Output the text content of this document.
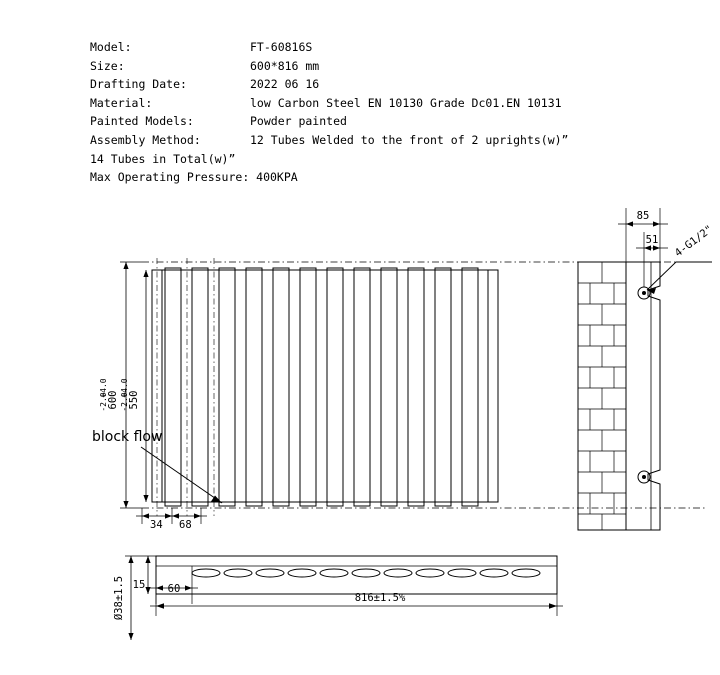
Model:	FT-60816S
Size:	600*816 mm
Drafting Date:	2022 06 16
Material:	low Carbon Steel EN 10130 Grade Dc01.EN 10131
Painted Models:	Powder painted
Assembly Method:	12 Tubes Welded to the front of 2 uprights(w)”
14 Tubes in Total(w)”
Max Operating Pressure: 400KPA
600
+4.0
-2.0 550
+4.0
-2.0
34 68
block flow
85
51 4-G1/2"
60
15
Ø38±1.5	816±1.5%
